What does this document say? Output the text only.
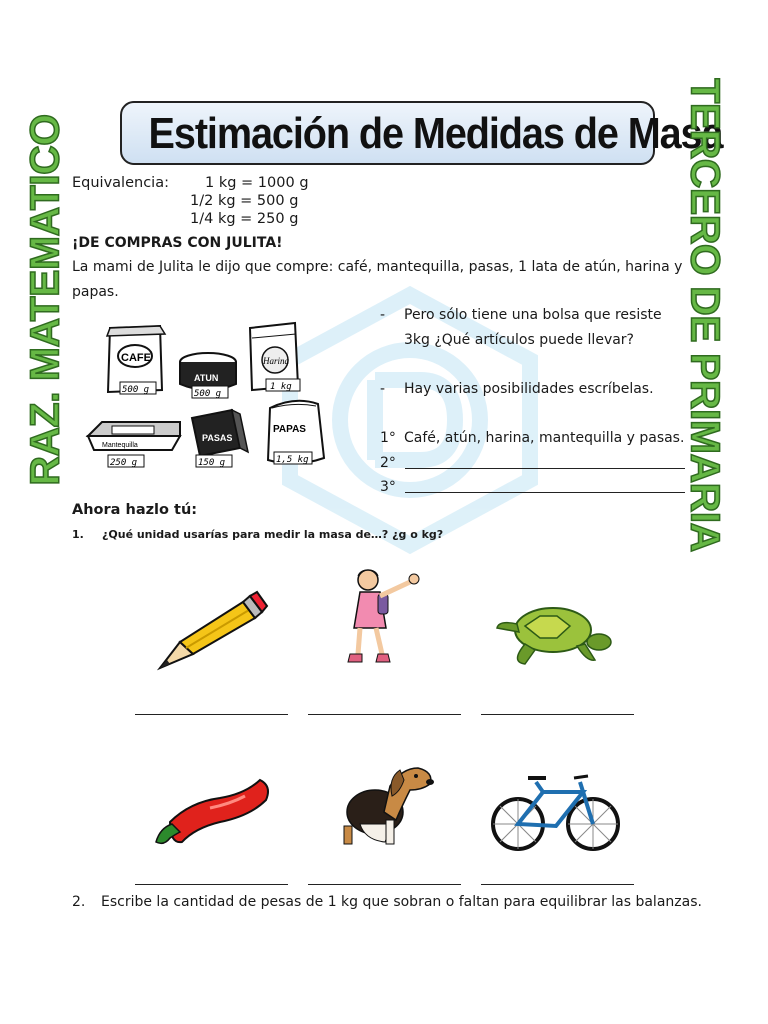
Estimación de Medidas de Masa
RAZ. MATEMATICO	TERCERO DE PRIMARIA
Equivalencia: 1 kg = 1000 g
1/2 kg = 500 g
1/4 kg = 250 g
¡DE COMPRAS CON JULITA!
La mami de Julita le dijo que compre: café, mantequilla, pasas, 1 lata de atún, harina y
papas.
CAFE
500 g
ATUN
500 g
Harina
1 kg
Mantequilla
250 g
PASAS
150 g
PAPAS
1,5 kg
- Pero sólo tiene una bolsa que resiste
3kg ¿Qué artículos puede llevar?
- Hay varias posibilidades escríbelas.
1° Café, atún, harina, mantequilla y pasas.
2°
3°
Ahora hazlo tú:
1. ¿Qué unidad usarías para medir la masa de…? ¿g o kg?
2. Escribe la cantidad de pesas de 1 kg que sobran o faltan para equilibrar las balanzas.
